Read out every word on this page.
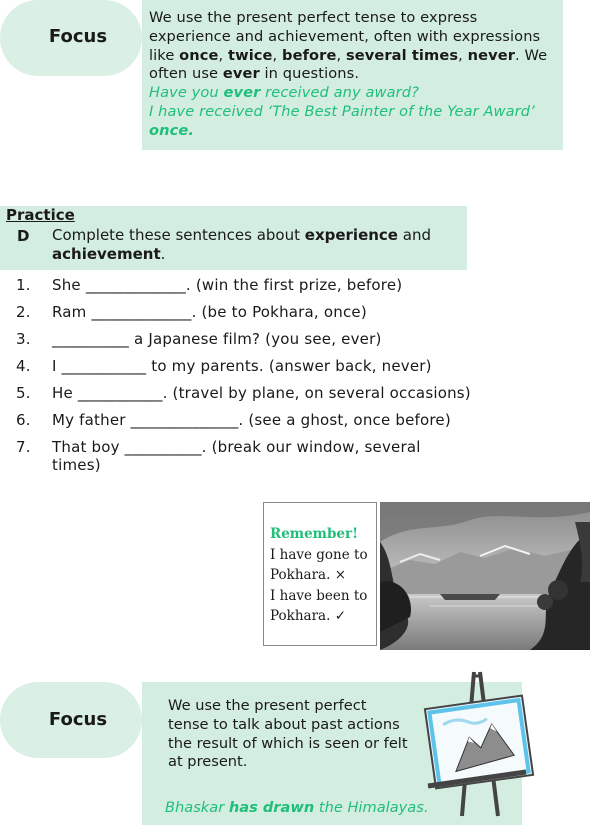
Focus
We use the present perfect tense to express experience and achievement, often with expressions like once, twice, before, several times, never. We often use ever in questions.
Have you ever received any award?
I have received ‘The Best Painter of the Year Award’ once.
Practice
D Complete these sentences about experience and achievement.
1. She _____________. (win the first prize, before)
2. Ram _____________. (be to Pokhara, once)
3. __________ a Japanese film? (you see, ever)
4. I ___________ to my parents. (answer back, never)
5. He ___________. (travel by plane, on several occasions)
6. My father ______________. (see a ghost, once before)
7. That boy __________. (break our window, several times)
Remember!
I have gone to
Pokhara. ×
I have been to
Pokhara. ✓
Focus
We use the present perfect tense to talk about past actions the result of which is seen or felt at present.
Bhaskar has drawn the Himalayas.
